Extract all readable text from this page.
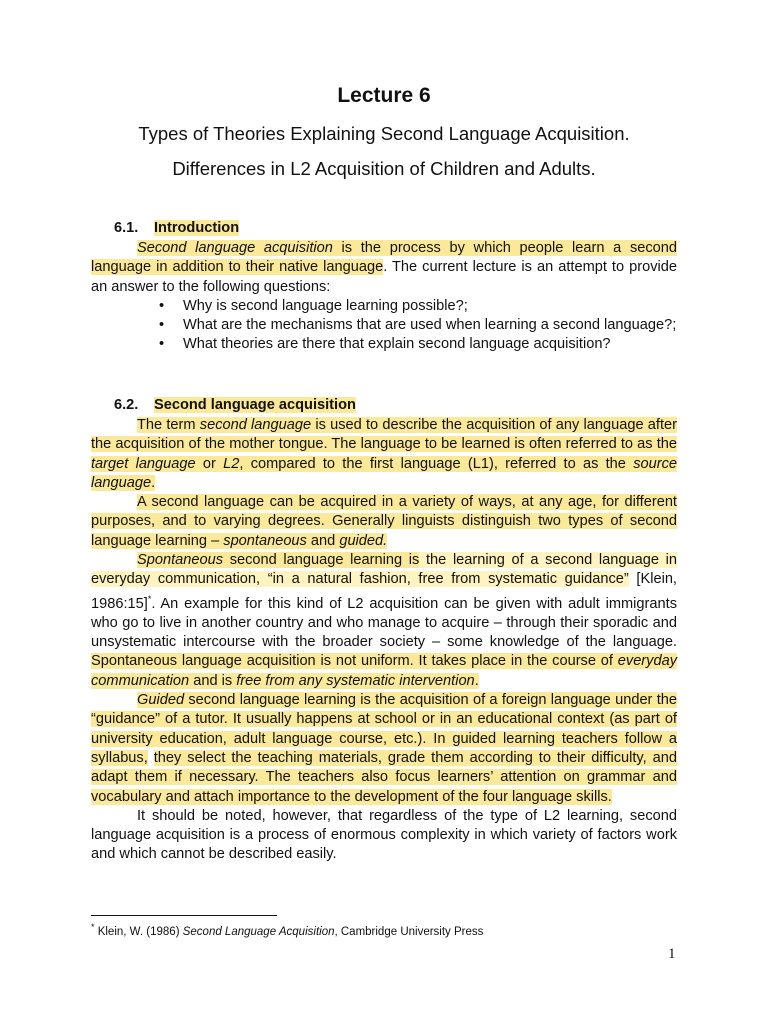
Lecture 6
Types of Theories Explaining Second Language Acquisition.
Differences in L2 Acquisition of Children and Adults.
6.1. Introduction

Second language acquisition is the process by which people learn a second language in addition to their native language. The current lecture is an attempt to provide an answer to the following questions:

• Why is second language learning possible?;
• What are the mechanisms that are used when learning a second language?;
• What theories are there that explain second language acquisition?
6.2. Second language acquisition

The term second language is used to describe the acquisition of any language after the acquisition of the mother tongue. The language to be learned is often referred to as the target language or L2, compared to the first language (L1), referred to as the source language.

A second language can be acquired in a variety of ways, at any age, for different purposes, and to varying degrees. Generally linguists distinguish two types of second language learning – spontaneous and guided.

Spontaneous second language learning is the learning of a second language in everyday communication, “in a natural fashion, free from systematic guidance” [Klein, 1986:15]*. An example for this kind of L2 acquisition can be given with adult immigrants who go to live in another country and who manage to acquire – through their sporadic and unsystematic intercourse with the broader society – some knowledge of the language. Spontaneous language acquisition is not uniform. It takes place in the course of everyday communication and is free from any systematic intervention.

Guided second language learning is the acquisition of a foreign language under the “guidance” of a tutor. It usually happens at school or in an educational context (as part of university education, adult language course, etc.). In guided learning teachers follow a syllabus, they select the teaching materials, grade them according to their difficulty, and adapt them if necessary. The teachers also focus learners’ attention on grammar and vocabulary and attach importance to the development of the four language skills.

It should be noted, however, that regardless of the type of L2 learning, second language acquisition is a process of enormous complexity in which variety of factors work and which cannot be described easily.

* Klein, W. (1986) Second Language Acquisition, Cambridge University Press
1
